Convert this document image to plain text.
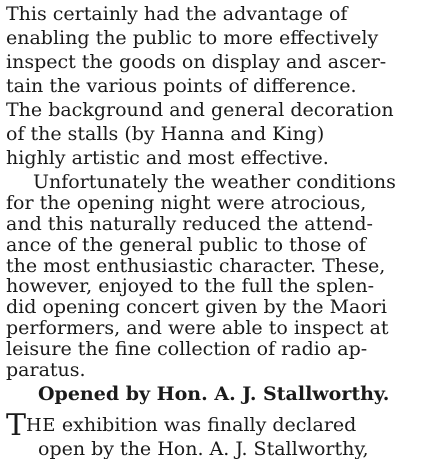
This certainly had the advantage of

enabling the public to more effectively

inspect the goods on display and ascer-

tain the various points of difference.

The background and general decoration

of the stalls (by Hanna and King)

highly artistic and most effective.

Unfortunately the weather conditions

for the opening night were atrocious,

and this naturally reduced the attend-

ance of the general public to those of

the most enthusiastic character. These,

however, enjoyed to the full the splen-

did opening concert given by the Maori

performers, and were able to inspect at

leisure the fine collection of radio ap-

paratus.

Opened by Hon. A. J. Stallworthy.

THE exhibition was finally declared

open by the Hon. A. J. Stallworthy,
